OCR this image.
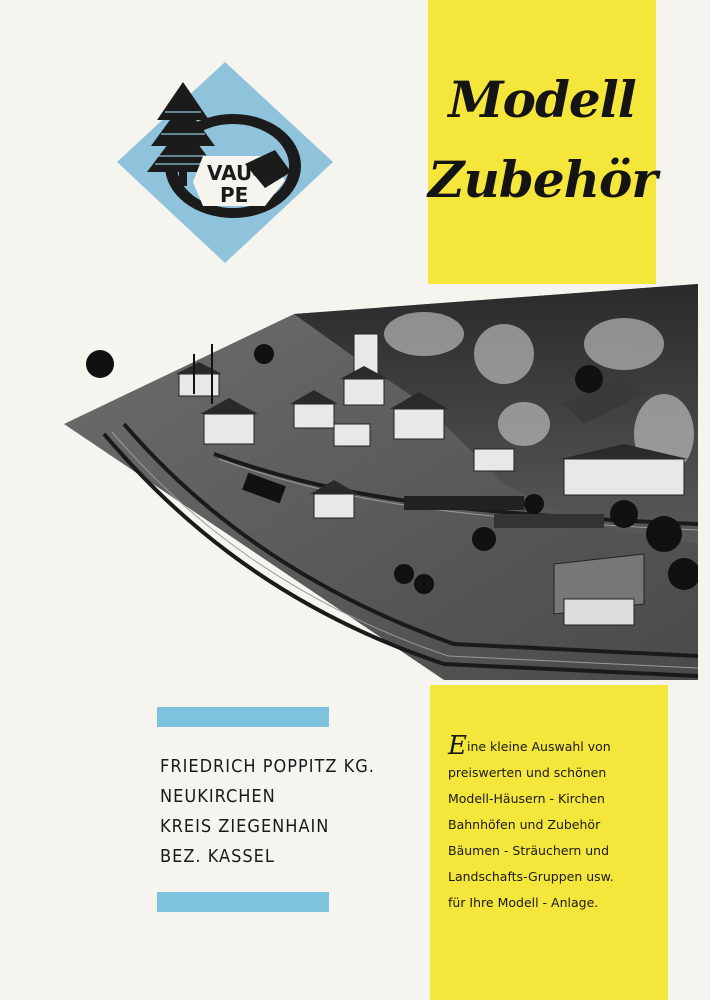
VAU-
PE
Modell
Zubehör
FRIEDRICH POPPITZ KG.
NEUKIRCHEN
KREIS ZIEGENHAIN
BEZ. KASSEL
Eine kleine Auswahl von
preiswerten und schönen
Modell-Häusern - Kirchen
Bahnhöfen und Zubehör
Bäumen - Sträuchern und
Landschafts-Gruppen usw.
für Ihre Modell - Anlage.
